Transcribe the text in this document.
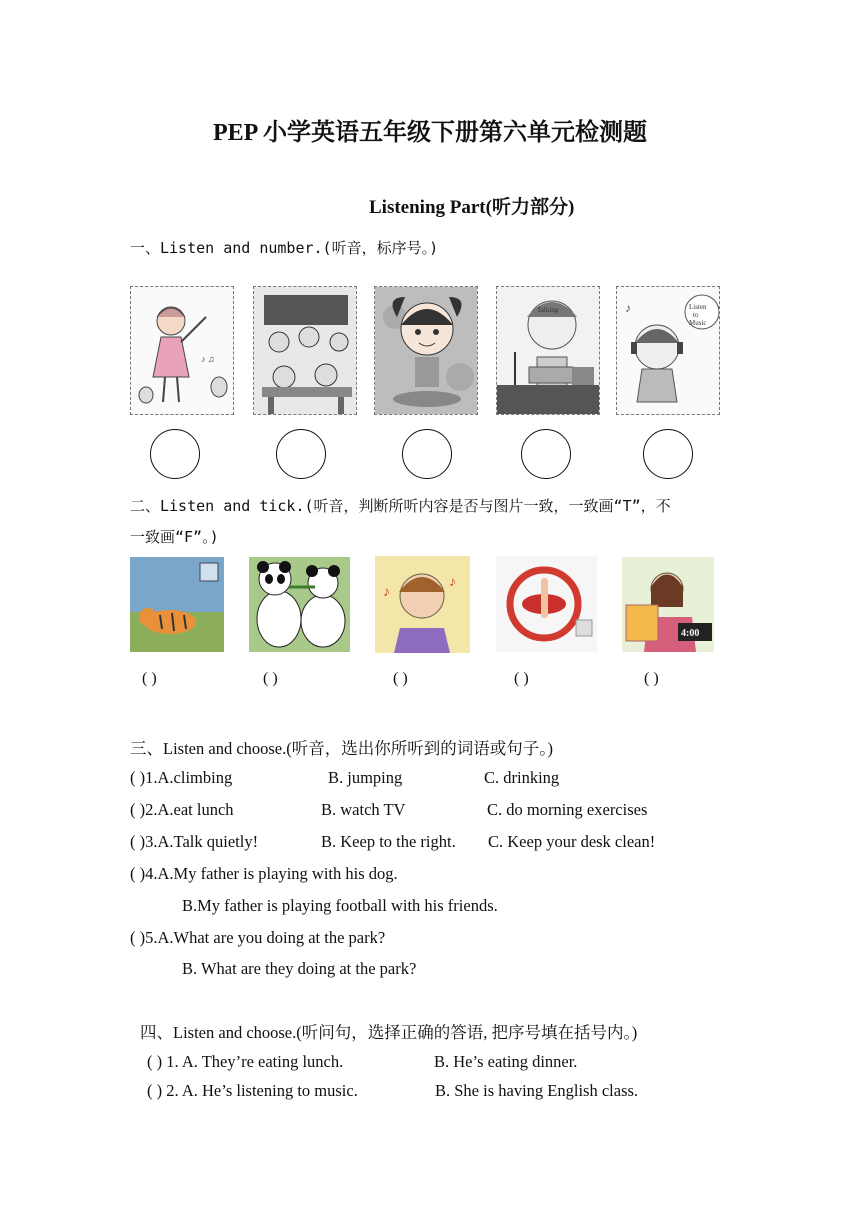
PEP 小学英语五年级下册第六单元检测题
Listening Part(听力部分)
一、Listen and number.(听音，标序号。)
♪ ♫
Talking	Listen
to
Music
♪
二、Listen and tick.(听音，判断所听内容是否与图片一致，一致画“T”，不
一致画“F”。)
♪
♪
4:00
( )	( )	( )	( )	( )
三、Listen and choose.(听音，选出你所听到的词语或句子。)
( )1.A.climbing	B. jumping	C. drinking
( )2.A.eat lunch	B. watch TV	C. do morning exercises
( )3.A.Talk quietly!	B. Keep to the right. C. Keep your desk clean!
( )4.A.My father is playing with his dog.
B.My father is playing football with his friends.
( )5.A.What are you doing at the park?
B. What are they doing at the park?
四、Listen and choose.(听问句，选择正确的答语, 把序号填在括号内。)
( ) 1. A. They’re eating lunch.	B. He’s eating dinner.
( ) 2. A. He’s listening to music.	B. She is having English class.
